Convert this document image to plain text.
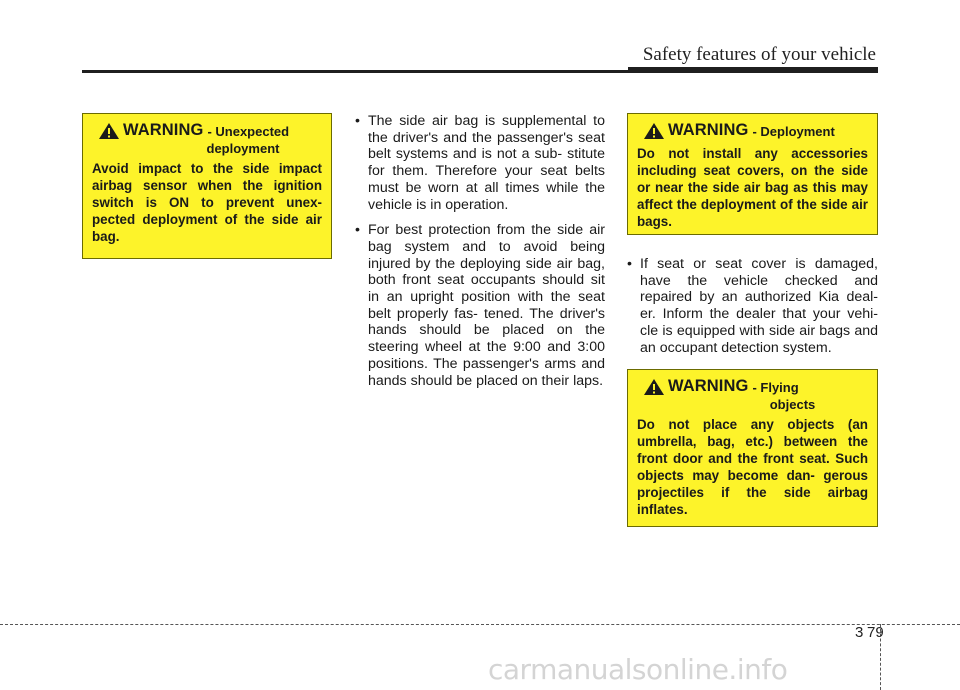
Safety features of your vehicle
WARNING - Unexpected
deployment
Avoid impact to the side impact airbag sensor when the ignition switch is ON to prevent unex- pected deployment of the side air bag.
• The side air bag is supplemental to the driver's and the passenger's seat belt systems and is not a sub- stitute for them. Therefore your seat belts must be worn at all times while the vehicle is in operation.
• For best protection from the side air bag system and to avoid being injured by the deploying side air bag, both front seat occupants should sit in an upright position with the seat belt properly fas- tened. The driver's hands should be placed on the steering wheel at the 9:00 and 3:00 positions. The passenger's arms and hands should be placed on their laps.
WARNING - Deployment
Do not install any accessories including seat covers, on the side or near the side air bag as this may affect the deployment of the side air bags.
• If seat or seat cover is damaged, have the vehicle checked and repaired by an authorized Kia deal- er. Inform the dealer that your vehi- cle is equipped with side air bags and an occupant detection system.
WARNING - Flying
objects
Do not place any objects (an umbrella, bag, etc.) between the front door and the front seat. Such objects may become dan- gerous projectiles if the side airbag inflates.
3 79
carmanualsonline.info
